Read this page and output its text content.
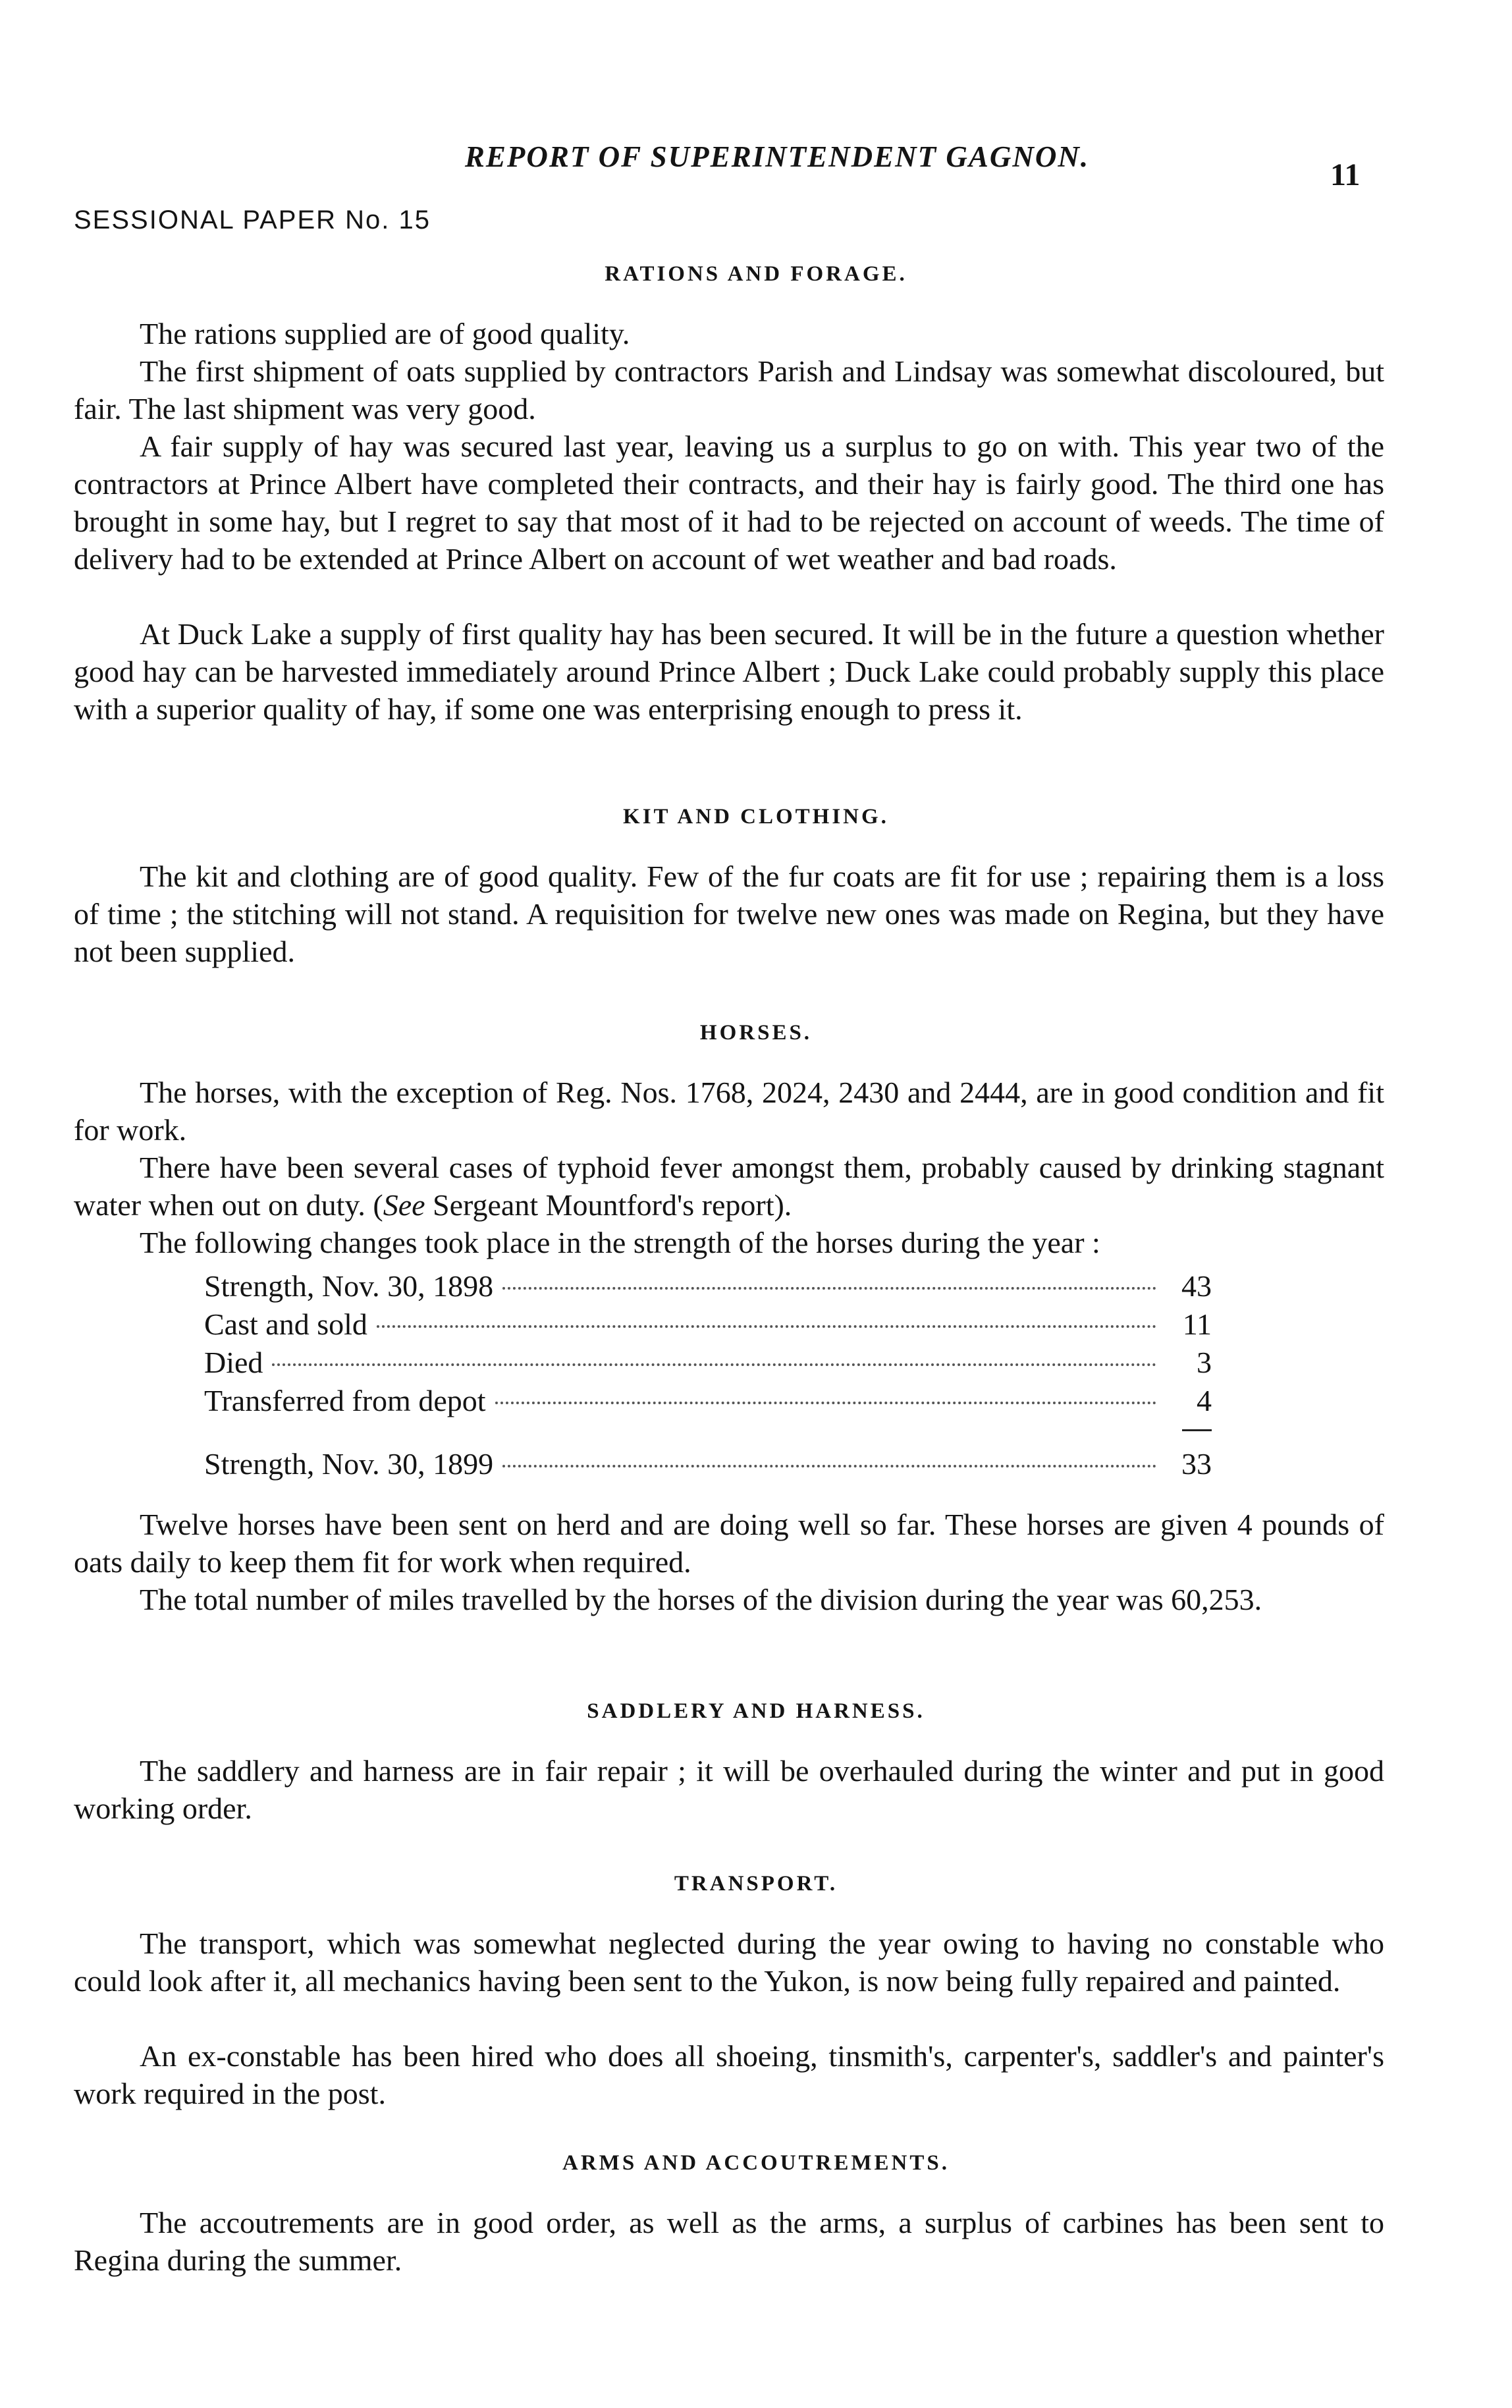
REPORT OF SUPERINTENDENT GAGNON.
11
SESSIONAL PAPER No. 15
RATIONS AND FORAGE.

The rations supplied are of good quality.

The first shipment of oats supplied by contractors Parish and Lindsay was somewhat discoloured, but fair. The last shipment was very good.

A fair supply of hay was secured last year, leaving us a surplus to go on with. This year two of the contractors at Prince Albert have completed their contracts, and their hay is fairly good. The third one has brought in some hay, but I regret to say that most of it had to be rejected on account of weeds. The time of delivery had to be extended at Prince Albert on account of wet weather and bad roads.

At Duck Lake a supply of first quality hay has been secured. It will be in the future a question whether good hay can be harvested immediately around Prince Albert ; Duck Lake could probably supply this place with a superior quality of hay, if some one was enterprising enough to press it.

KIT AND CLOTHING.

The kit and clothing are of good quality. Few of the fur coats are fit for use ; repairing them is a loss of time ; the stitching will not stand. A requisition for twelve new ones was made on Regina, but they have not been supplied.

HORSES.

The horses, with the exception of Reg. Nos. 1768, 2024, 2430 and 2444, are in good condition and fit for work.

There have been several cases of typhoid fever amongst them, probably caused by drinking stagnant water when out on duty. (See Sergeant Mountford's report).

The following changes took place in the strength of the horses during the year :

Strength, Nov. 30, 1898	43
Cast and sold	11
Died	3
Transferred from depot	4
Strength, Nov. 30, 1899	33

Twelve horses have been sent on herd and are doing well so far. These horses are given 4 pounds of oats daily to keep them fit for work when required.

The total number of miles travelled by the horses of the division during the year was 60,253.

SADDLERY AND HARNESS.

The saddlery and harness are in fair repair ; it will be overhauled during the winter and put in good working order.

TRANSPORT.

The transport, which was somewhat neglected during the year owing to having no constable who could look after it, all mechanics having been sent to the Yukon, is now being fully repaired and painted.

An ex-constable has been hired who does all shoeing, tinsmith's, carpenter's, saddler's and painter's work required in the post.

ARMS AND ACCOUTREMENTS.

The accoutrements are in good order, as well as the arms, a surplus of carbines has been sent to Regina during the summer.
